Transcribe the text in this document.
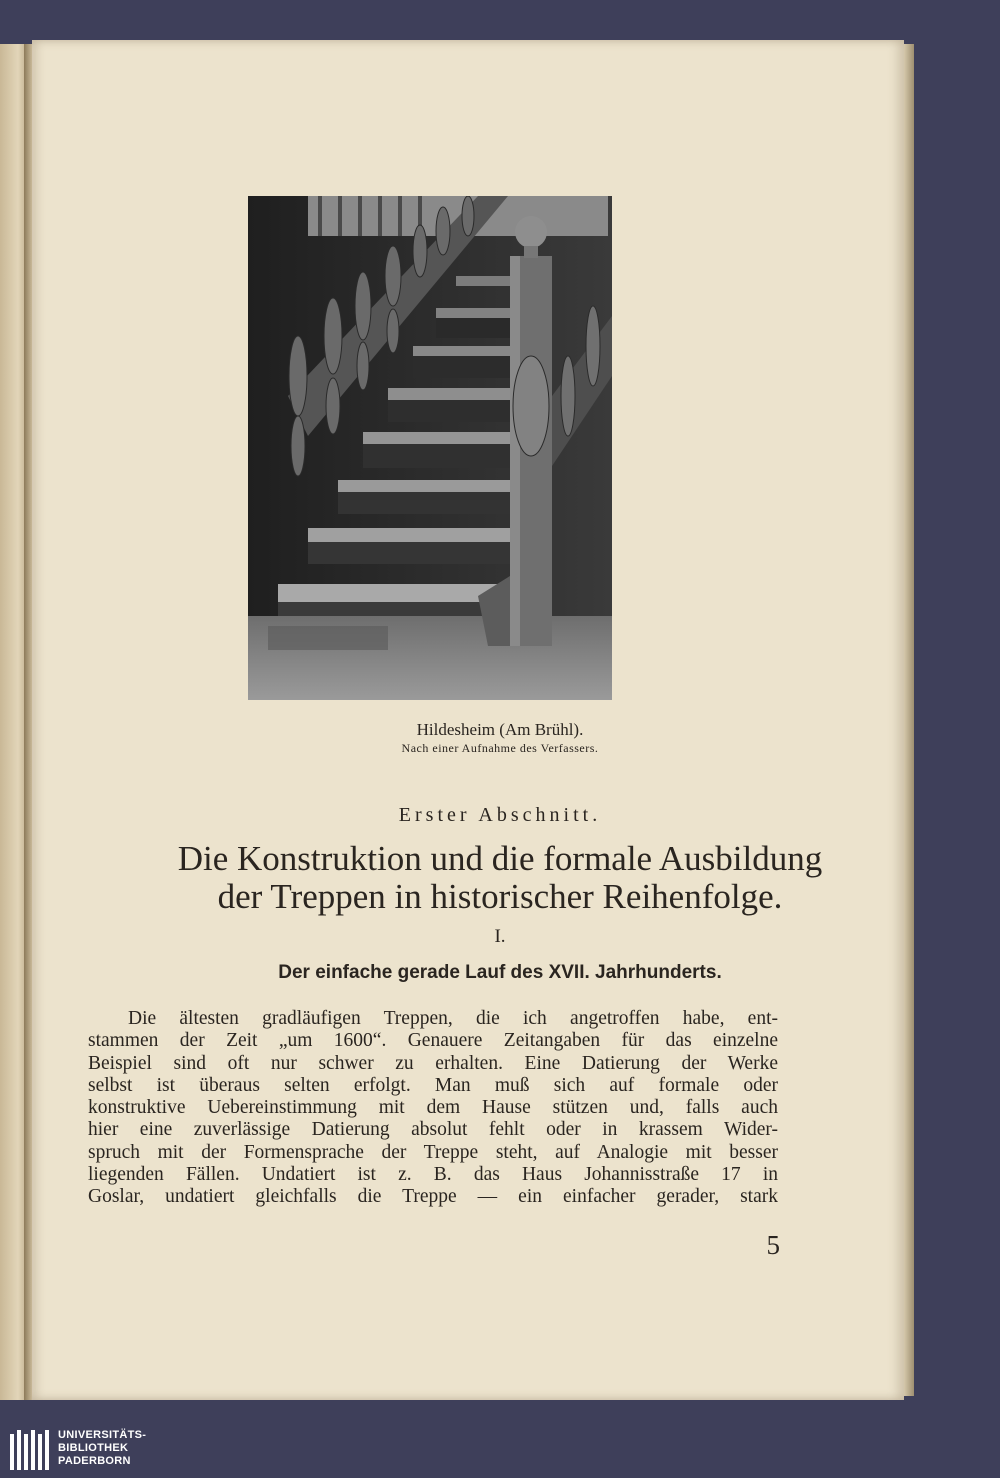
Hildesheim (Am Brühl).

Nach einer Aufnahme des Verfassers.

Erster Abschnitt.

Die Konstruktion und die formale Ausbildung
der Treppen in historischer Reihenfolge.

I.

Der einfache gerade Lauf des XVII. Jahrhunderts.

Die ältesten gradläufigen Treppen, die ich angetroffen habe, ent-
stammen der Zeit „um 1600“. Genauere Zeitangaben für das einzelne
Beispiel sind oft nur schwer zu erhalten. Eine Datierung der Werke
selbst ist überaus selten erfolgt. Man muß sich auf formale oder
konstruktive Uebereinstimmung mit dem Hause stützen und, falls auch
hier eine zuverlässige Datierung absolut fehlt oder in krassem Wider-
spruch mit der Formensprache der Treppe steht, auf Analogie mit besser
liegenden Fällen. Undatiert ist z. B. das Haus Johannisstraße 17 in
Goslar, undatiert gleichfalls die Treppe — ein einfacher gerader, stark

5

UNIVERSITÄTS-
BIBLIOTHEK
PADERBORN
